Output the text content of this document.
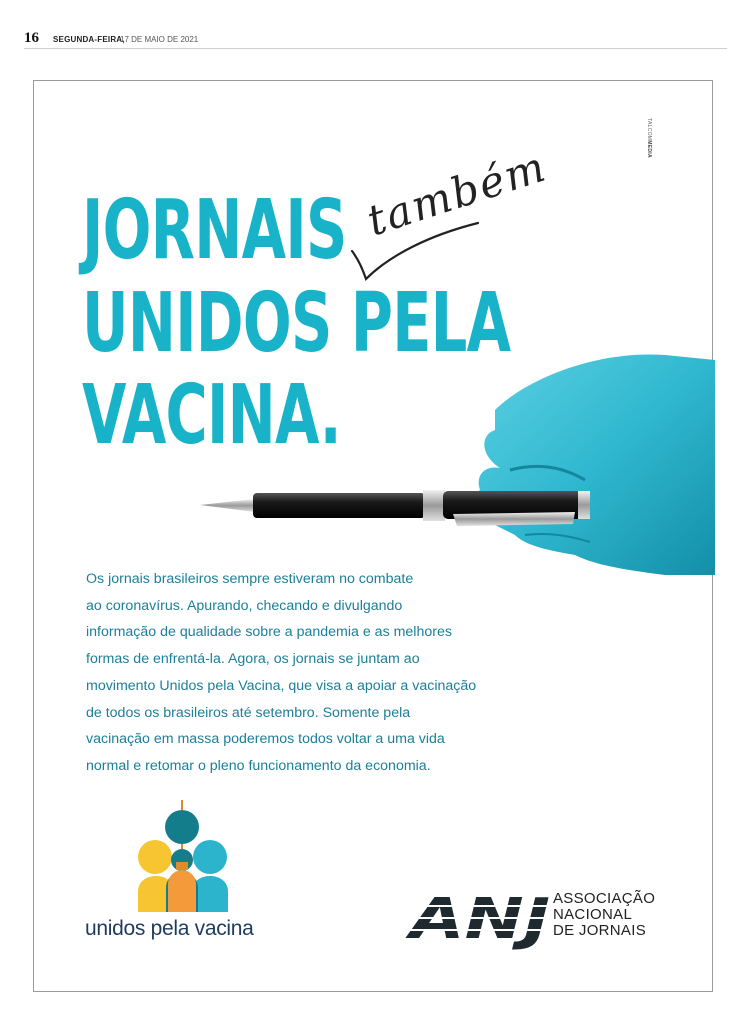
16 SEGUNDA-FEIRA,
17 DE MAIO DE 2021
TALCOMMEDIA
JORNAIS
UNIDOS PELA
VACINA.
também
Os jornais brasileiros sempre estiveram no combate
ao coronavírus. Apurando, checando e divulgando
informação de qualidade sobre a pandemia e as melhores
formas de enfrentá-la. Agora, os jornais se juntam ao
movimento Unidos pela Vacina, que visa a apoiar a vacinação
de todos os brasileiros até setembro. Somente pela
vacinação em massa poderemos todos voltar a uma vida
normal e retomar o pleno funcionamento da economia.
unidos pela vacina	ANJ ASSOCIAÇÃO
NACIONAL
DE JORNAIS
